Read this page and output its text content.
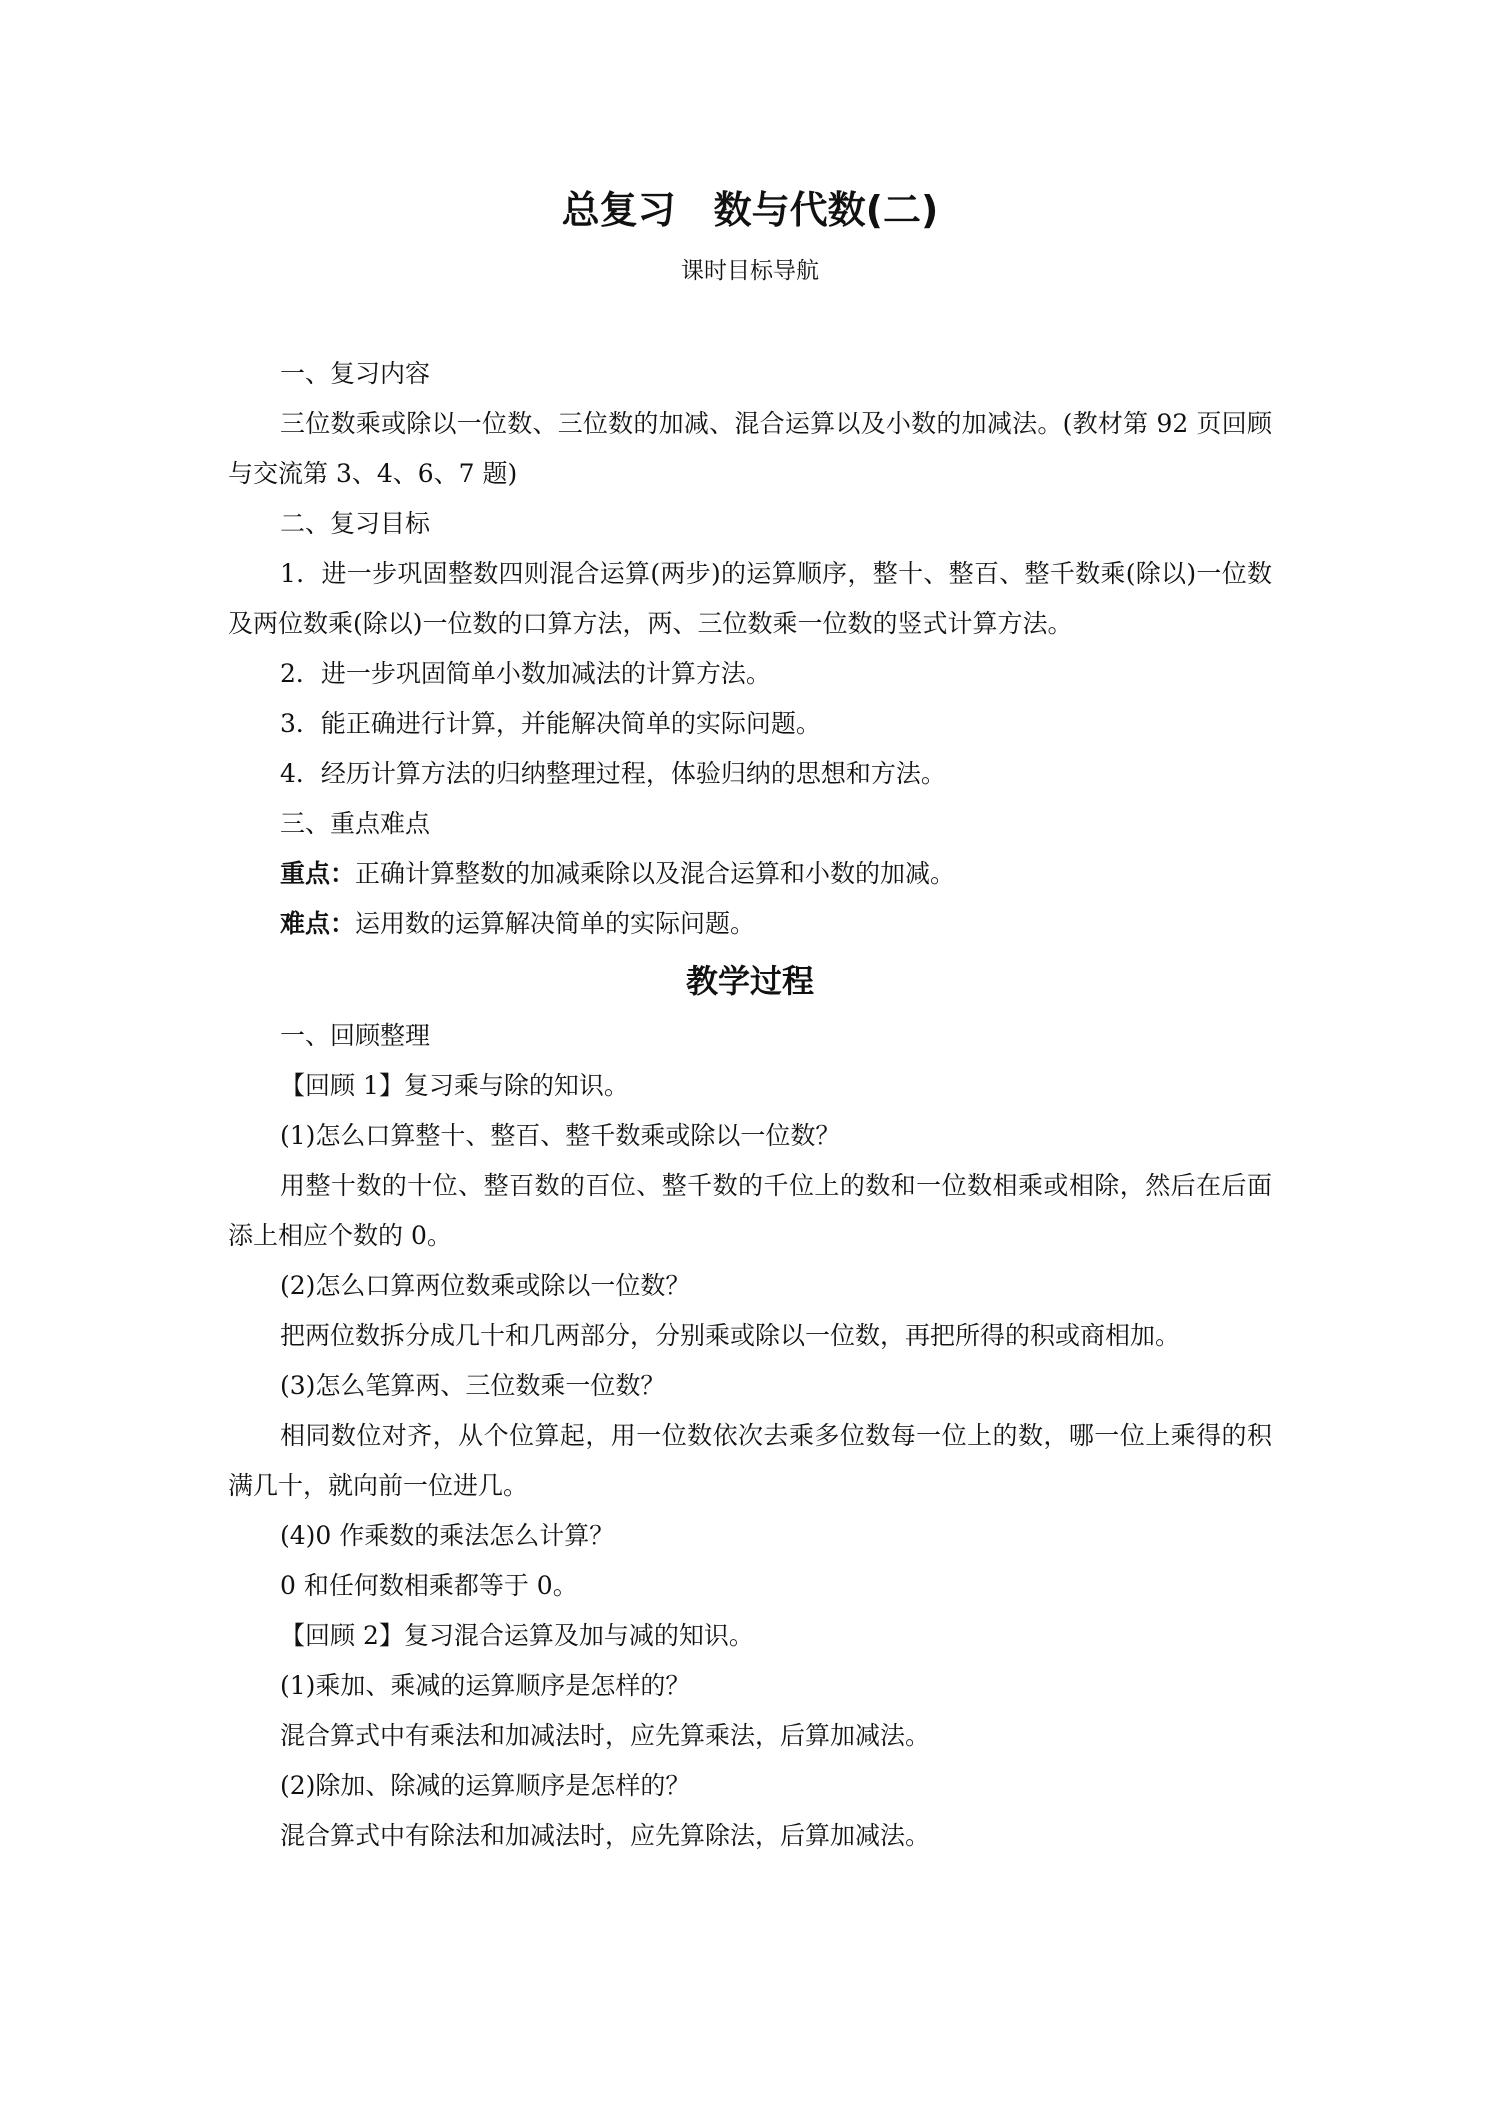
总复习　数与代数(二)
课时目标导航

一、复习内容

三位数乘或除以一位数、三位数的加减、混合运算以及小数的加减法。(教材第 92 页回顾与交流第 3、4、6、7 题)

二、复习目标

1．进一步巩固整数四则混合运算(两步)的运算顺序，整十、整百、整千数乘(除以)一位数及两位数乘(除以)一位数的口算方法，两、三位数乘一位数的竖式计算方法。

2．进一步巩固简单小数加减法的计算方法。

3．能正确进行计算，并能解决简单的实际问题。

4．经历计算方法的归纳整理过程，体验归纳的思想和方法。

三、重点难点

重点：正确计算整数的加减乘除以及混合运算和小数的加减。

难点：运用数的运算解决简单的实际问题。

教学过程

一、回顾整理

【回顾 1】复习乘与除的知识。

(1)怎么口算整十、整百、整千数乘或除以一位数？

用整十数的十位、整百数的百位、整千数的千位上的数和一位数相乘或相除，然后在后面添上相应个数的 0。

(2)怎么口算两位数乘或除以一位数？

把两位数拆分成几十和几两部分，分别乘或除以一位数，再把所得的积或商相加。

(3)怎么笔算两、三位数乘一位数？

相同数位对齐，从个位算起，用一位数依次去乘多位数每一位上的数，哪一位上乘得的积满几十，就向前一位进几。

(4)0 作乘数的乘法怎么计算？

0 和任何数相乘都等于 0。

【回顾 2】复习混合运算及加与减的知识。

(1)乘加、乘减的运算顺序是怎样的？

混合算式中有乘法和加减法时，应先算乘法，后算加减法。

(2)除加、除减的运算顺序是怎样的？

混合算式中有除法和加减法时，应先算除法，后算加减法。
